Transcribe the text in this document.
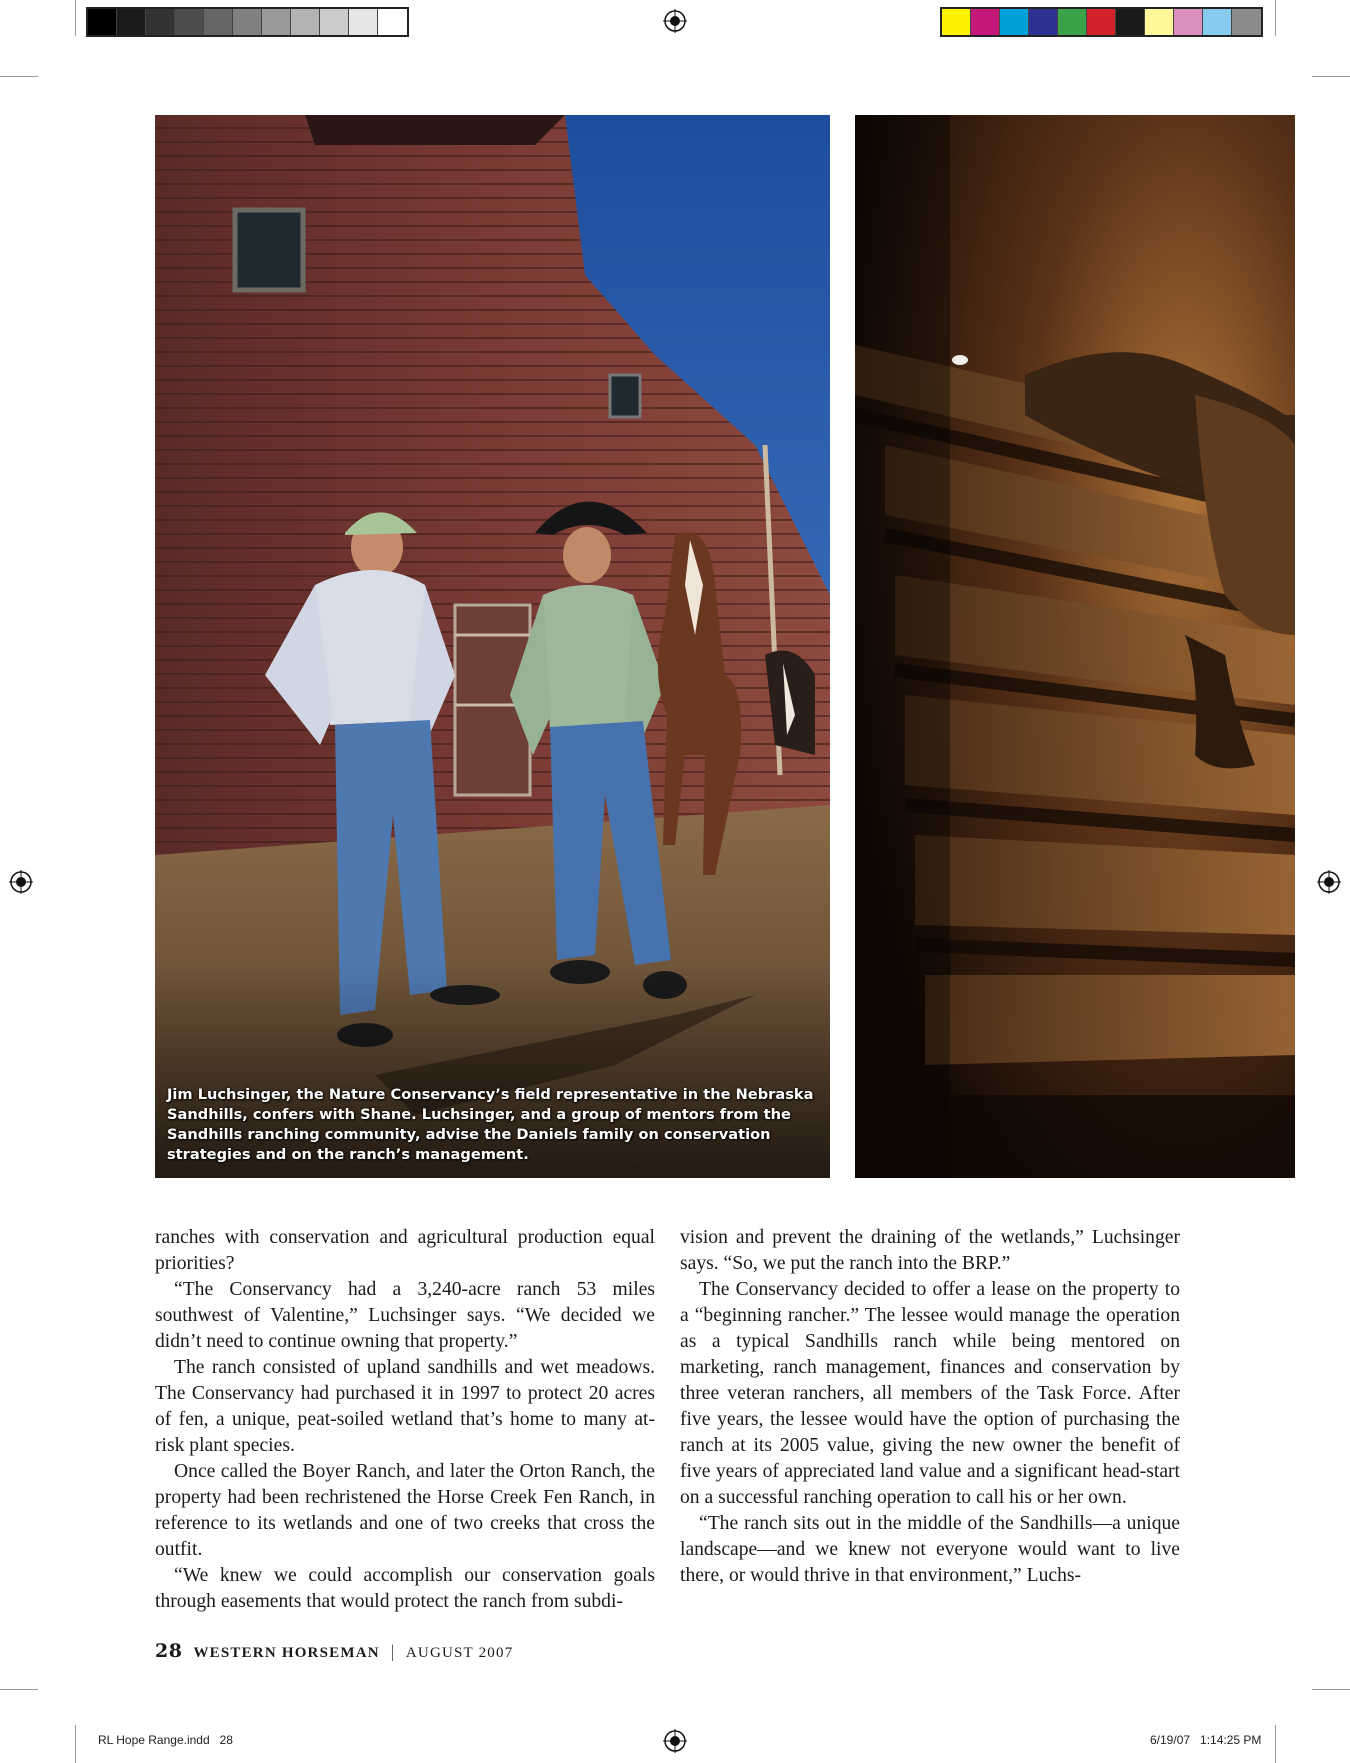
Jim Luchsinger, the Nature Conservancy’s field representative in the Nebraska Sandhills, confers with Shane. Luchsinger, and a group of mentors from the Sandhills ranching community, advise the Daniels family on conservation strategies and on the ranch’s management.

ranches with conservation and agricultural production equal priorities?

“The Conservancy had a 3,240-acre ranch 53 miles southwest of Valentine,” Luchsinger says. “We decided we didn’t need to continue owning that property.”

The ranch consisted of upland sandhills and wet meadows. The Conservancy had purchased it in 1997 to protect 20 acres of fen, a unique, peat-soiled wetland that’s home to many at-risk plant species.

Once called the Boyer Ranch, and later the Orton Ranch, the property had been rechristened the Horse Creek Fen Ranch, in reference to its wetlands and one of two creeks that cross the outfit.

“We knew we could accomplish our conservation goals through easements that would protect the ranch from subdi-

vision and prevent the draining of the wetlands,” Luchsinger says. “So, we put the ranch into the BRP.”

The Conservancy decided to offer a lease on the property to a “beginning rancher.” The lessee would manage the operation as a typical Sandhills ranch while being mentored on marketing, ranch management, finances and conservation by three veteran ranchers, all members of the Task Force. After five years, the lessee would have the option of purchasing the ranch at its 2005 value, giving the new owner the benefit of five years of appreciated land value and a significant head-start on a successful ranching operation to call his or her own.

“The ranch sits out in the middle of the Sandhills—a unique landscape—and we knew not everyone would want to live there, or would thrive in that environment,” Luchs-

28 WESTERN HORSEMAN | AUGUST 2007
RL Hope Range.indd   28	6/19/07   1:14:25 PM
